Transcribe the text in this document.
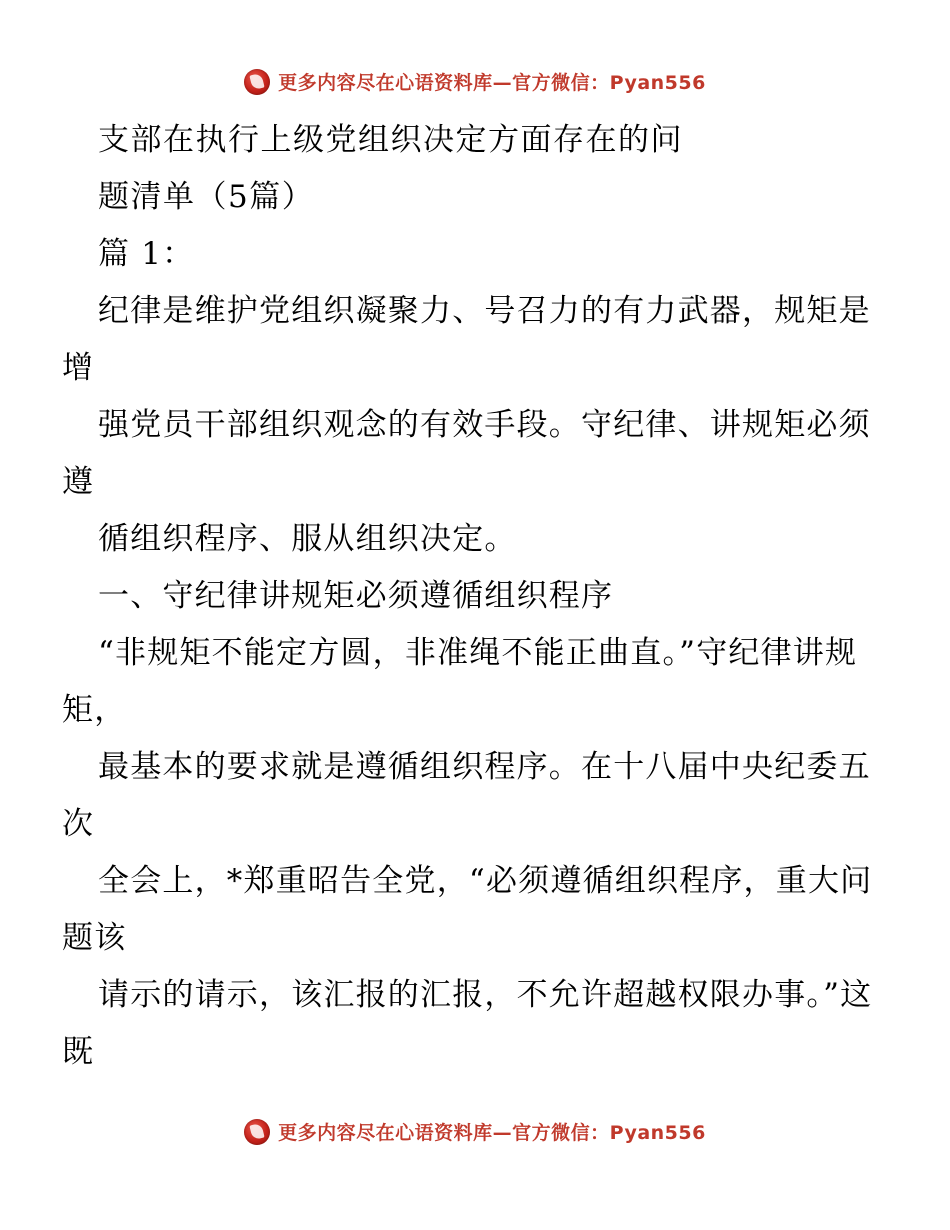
更多内容尽在心语资料库—官方微信：Pyan556

支部在执行上级党组织决定方面存在的问

题清单（5篇）

篇 1：

纪律是维护党组织凝聚力、号召力的有力武器，规矩是增

强党员干部组织观念的有效手段。守纪律、讲规矩必须遵

循组织程序、服从组织决定。

一、守纪律讲规矩必须遵循组织程序

“非规矩不能定方圆，非准绳不能正曲直。”守纪律讲规矩，

最基本的要求就是遵循组织程序。在十八届中央纪委五次

全会上，*郑重昭告全党，“必须遵循组织程序，重大问题该

请示的请示，该汇报的汇报，不允许超越权限办事。”这既

更多内容尽在心语资料库—官方微信：Pyan556
